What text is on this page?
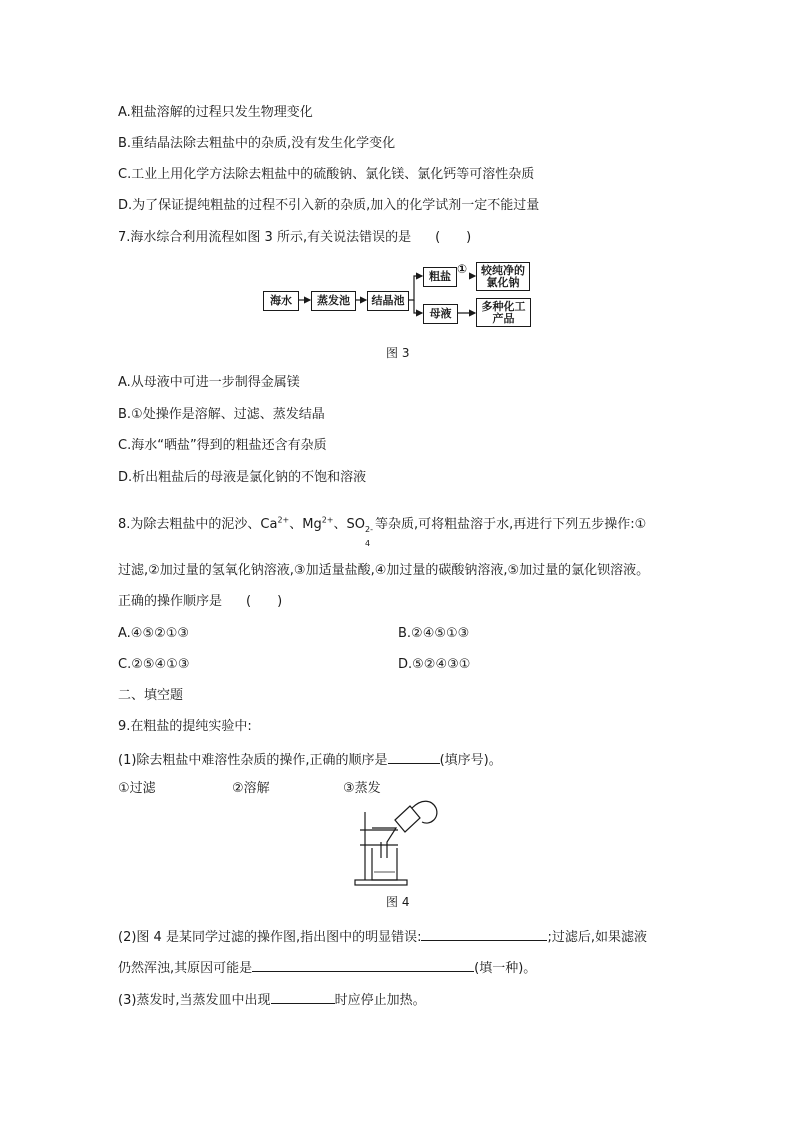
A.粗盐溶解的过程只发生物理变化
B.重结晶法除去粗盐中的杂质,没有发生化学变化
C.工业上用化学方法除去粗盐中的硫酸钠、氯化镁、氯化钙等可溶性杂质
D.为了保证提纯粗盐的过程不引入新的杂质,加入的化学试剂一定不能过量
7.海水综合利用流程如图 3 所示,有关说法错误的是 (　　)
海水	蒸发池	结晶池
粗盐
① 较纯净的
氯化钠
母液
多种化工
产品
图 3
A.从母液中可进一步制得金属镁
B.①处操作是溶解、过滤、蒸发结晶
C.海水“晒盐”得到的粗盐还含有杂质
D.析出粗盐后的母液是氯化钠的不饱和溶液
8.为除去粗盐中的泥沙、$Ca^{2+}$、$Mg^{2+}$、SO 2-
4
等杂质,可将粗盐溶于水,再进行下列五步操作:①
过滤,②加过量的氢氧化钠溶液,③加适量盐酸,④加过量的碳酸钠溶液,⑤加过量的氯化钡溶液。
正确的操作顺序是 (　　)
A.④⑤②①③	B.②④⑤①③
C.②⑤④①③	D.⑤②④③①
二、填空题
9.在粗盐的提纯实验中:
(1)除去粗盐中难溶性杂质的操作,正确的顺序是	(填序号)。
①过滤	②溶解	③蒸发
图 4
(2)图 4 是某同学过滤的操作图,指出图中的明显错误:	;过滤后,如果滤液
仍然浑浊,其原因可能是	(填一种)。
(3)蒸发时,当蒸发皿中出现	时应停止加热。
